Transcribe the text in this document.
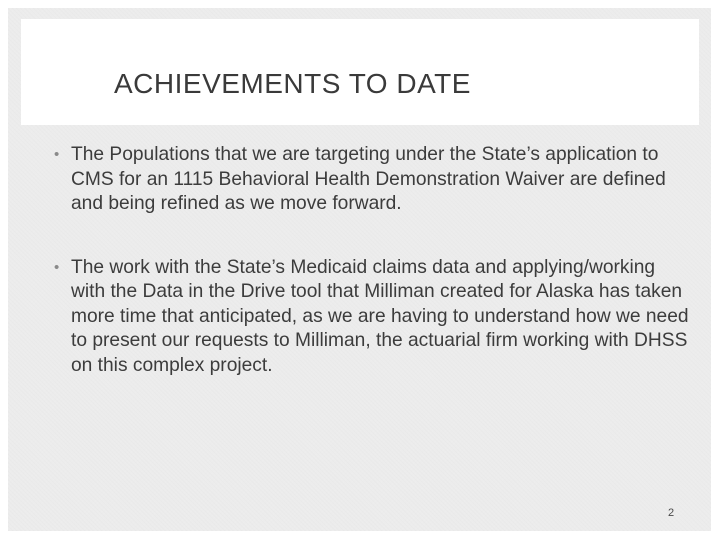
ACHIEVEMENTS TO DATE
• The Populations that we are targeting under the State’s application to CMS for an 1115 Behavioral Health Demonstration Waiver are defined and being refined as we move forward.
• The work with the State’s Medicaid claims data and applying/working with the Data in the Drive tool that Milliman created for Alaska has taken more time that anticipated, as we are having to understand how we need to present our requests to Milliman, the actuarial firm working with DHSS on this complex project.
2
